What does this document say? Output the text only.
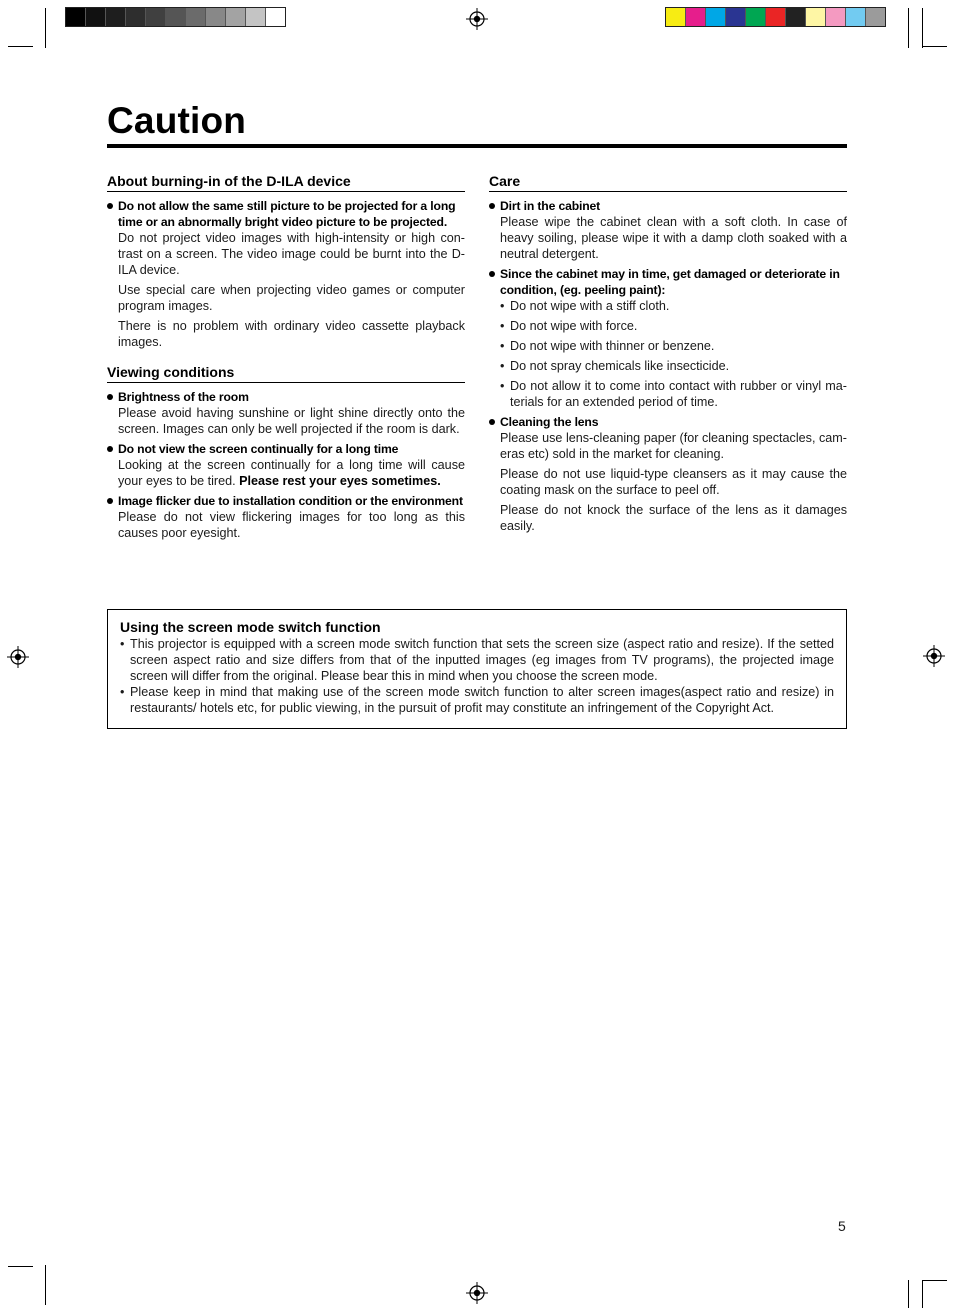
Caution
About burning-in of the D-ILA device
Do not allow the same still picture to be projected for a long time or an abnormally bright video picture to be projected.

Do not project video images with high-intensity or high con- trast on a screen. The video image could be burnt into the D-ILA device.

Use special care when projecting video games or computer program images.

There is no problem with ordinary video cassette playback images.

Viewing conditions
Brightness of the room

Please avoid having sunshine or light shine directly onto the screen. Images can only be well projected if the room is dark.

Do not view the screen continually for a long time

Looking at the screen continually for a long time will cause your eyes to be tired. Please rest your eyes sometimes.

Image flicker due to installation condition or the environment

Please do not view flickering images for too long as this causes poor eyesight.

Care
Dirt in the cabinet

Please wipe the cabinet clean with a soft cloth. In case of heavy soiling, please wipe it with a damp cloth soaked with a neutral detergent.

Since the cabinet may in time, get damaged or deteriorate in condition, (eg. peeling paint):

• Do not wipe with a stiff cloth.

• Do not wipe with force.

• Do not wipe with thinner or benzene.

• Do not spray chemicals like insecticide.

• Do not allow it to come into contact with rubber or vinyl ma- terials for an extended period of time.

Cleaning the lens

Please use lens-cleaning paper (for cleaning spectacles, cam- eras etc) sold in the market for cleaning.

Please do not use liquid-type cleansers as it may cause the coating mask on the surface to peel off.

Please do not knock the surface of the lens as it damages easily.

Using the screen mode switch function
• This projector is equipped with a screen mode switch function that sets the screen size (aspect ratio and resize). If the setted screen aspect ratio and size differs from that of the inputted images (eg images from TV programs), the projected image screen will differ from the original. Please bear this in mind when you choose the screen mode.
• Please keep in mind that making use of the screen mode switch function to alter screen images(aspect ratio and resize) in restaurants/ hotels etc, for public viewing, in the pursuit of profit may constitute an infringement of the Copyright Act.
5
